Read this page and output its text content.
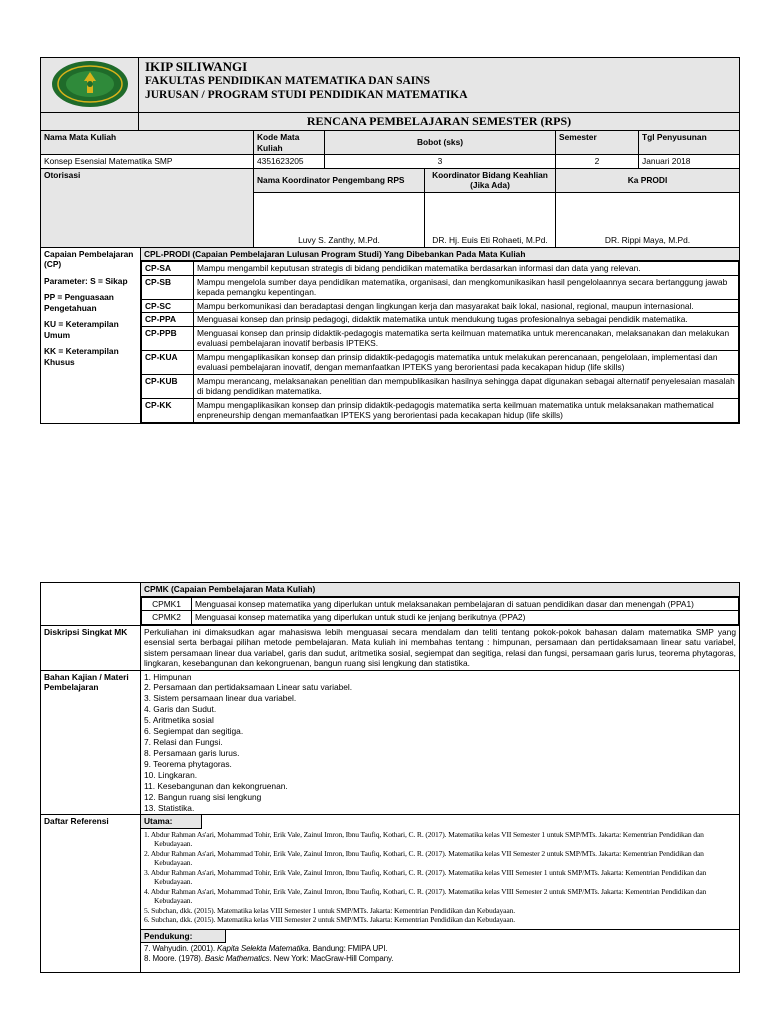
IKIP SILIWANGI
FAKULTAS PENDIDIKAN MATEMATIKA DAN SAINS
JURUSAN / PROGRAM STUDI PENDIDIKAN MATEMATIKA

	RENCANA PEMBELAJARAN SEMESTER (RPS)
Nama Mata Kuliah	Kode Mata Kuliah	Bobot (sks)	Semester	Tgl Penyusunan
Konsep Esensial Matematika SMP	4351623205	3	2	Januari 2018
Otorisasi	Nama Koordinator Pengembang RPS	Koordinator Bidang Keahlian (Jika Ada)	Ka PRODI
	Luvy S. Zanthy, M.Pd.	DR. Hj. Euis Eti Rohaeti, M.Pd.	DR. Rippi Maya, M.Pd.

Capaian Pembelajaran (CP)

Parameter: S = Sikap

PP = Penguasaan Pengetahuan

KU = Keterampilan Umum

KK = Keterampilan Khusus

	CPL-PRODI (Capaian Pembelajaran Lulusan Program Studi) Yang Dibebankan Pada Mata Kuliah

CP-SA	Mampu mengambil keputusan strategis di bidang pendidikan matematika berdasarkan informasi dan data yang relevan.
CP-SB	Mampu mengelola sumber daya pendidikan matematika, organisasi, dan mengkomunikasikan hasil pengelolaannya secara bertanggung jawab kepada pemangku kepentingan.
CP-SC	Mampu berkomunikasi dan beradaptasi dengan lingkungan kerja dan masyarakat baik lokal, nasional, regional, maupun internasional.
CP-PPA	Menguasai konsep dan prinsip pedagogi, didaktik matematika untuk mendukung tugas profesionalnya sebagai pendidik matematika.
CP-PPB	Menguasai konsep dan prinsip didaktik-pedagogis matematika serta keilmuan matematika untuk merencanakan, melaksanakan dan melakukan evaluasi pembelajaran inovatif berbasis IPTEKS.
CP-KUA	Mampu mengaplikasikan konsep dan prinsip didaktik-pedagogis matematika untuk melakukan perencanaan, pengelolaan, implementasi dan evaluasi pembelajaran inovatif, dengan memanfaatkan IPTEKS yang berorientasi pada kecakapan hidup (life skills)
CP-KUB	Mampu merancang, melaksanakan penelitian dan mempublikasikan hasilnya sehingga dapat digunakan sebagai alternatif penyelesaian masalah di bidang pendidikan matematika.
CP-KK	Mampu mengaplikasikan konsep dan prinsip didaktik-pedagogis matematika serta keilmuan matematika untuk melaksanakan mathematical enpreneurship dengan memanfaatkan IPTEKS yang berorientasi pada kecakapan hidup (life skills)
	CPMK (Capaian Pembelajaran Mata Kuliah)

CPMK1	Menguasai konsep matematika yang diperlukan untuk melaksanakan pembelajaran di satuan pendidikan dasar dan menengah (PPA1)
CPMK2	Menguasai konsep matematika yang diperlukan untuk studi ke jenjang berikutnya (PPA2)

Diskripsi Singkat MK	Perkuliahan ini dimaksudkan agar mahasiswa lebih menguasai secara mendalam dan teliti tentang pokok-pokok bahasan dalam matematika SMP yang esensial serta berbagai pilihan metode pembelajaran. Mata kuliah ini membahas tentang : himpunan, persamaan dan pertidaksamaan linear satu variabel, sistem persamaan linear dua variabel, garis dan sudut, aritmetika sosial, segiempat dan segitiga, relasi dan fungsi, persamaan garis lurus, teorema phytagoras, lingkaran, kesebangunan dan kekongruenan, bangun ruang sisi lengkung dan statistika.
Bahan Kajian / Materi Pembelajaran	
1. Himpunan
2. Persamaan dan pertidaksamaan Linear satu variabel.
3. Sistem persamaan linear dua variabel.
4. Garis dan Sudut.
5. Aritmetika sosial
6. Segiempat dan segitiga.
7. Relasi dan Fungsi.
8. Persamaan garis lurus.
9. Teorema phytagoras.
10. Lingkaran.
11. Kesebangunan dan kekongruenan.
12. Bangun ruang sisi lengkung
13. Statistika.

Daftar Referensi	Utama:
1. Abdur Rahman As'ari, Mohammad Tohir, Erik Vale, Zainul Imron, Ibnu Taufiq, Kothari, C. R. (2017). Matematika kelas VII Semester 1 untuk SMP/MTs. Jakarta: Kementrian Pendidikan dan Kebudayaan.
2. Abdur Rahman As'ari, Mohammad Tohir, Erik Vale, Zainul Imron, Ibnu Taufiq, Kothari, C. R. (2017). Matematika kelas VII Semester 2 untuk SMP/MTs. Jakarta: Kementrian Pendidikan dan Kebudayaan.
3. Abdur Rahman As'ari, Mohammad Tohir, Erik Vale, Zainul Imron, Ibnu Taufiq, Kothari, C. R. (2017). Matematika kelas VIII Semester 1 untuk SMP/MTs. Jakarta: Kementrian Pendidikan dan Kebudayaan.
4. Abdur Rahman As'ari, Mohammad Tohir, Erik Vale, Zainul Imron, Ibnu Taufiq, Kothari, C. R. (2017). Matematika kelas VIII Semester 2 untuk SMP/MTs. Jakarta: Kementrian Pendidikan dan Kebudayaan.
5. Subchan, dkk. (2015). Matematika kelas VIII Semester 1 untuk SMP/MTs. Jakarta: Kementrian Pendidikan dan Kebudayaan.
6. Subchan, dkk. (2015). Matematika kelas VIII Semester 2 untuk SMP/MTs. Jakarta: Kementrian Pendidikan dan Kebudayaan.

Pendukung:
7. Wahyudin. (2001). Kapita Selekta Matematika. Bandung: FMIPA UPI.
8. Moore. (1978). Basic Mathematics. New York: MacGraw-Hill Company.
